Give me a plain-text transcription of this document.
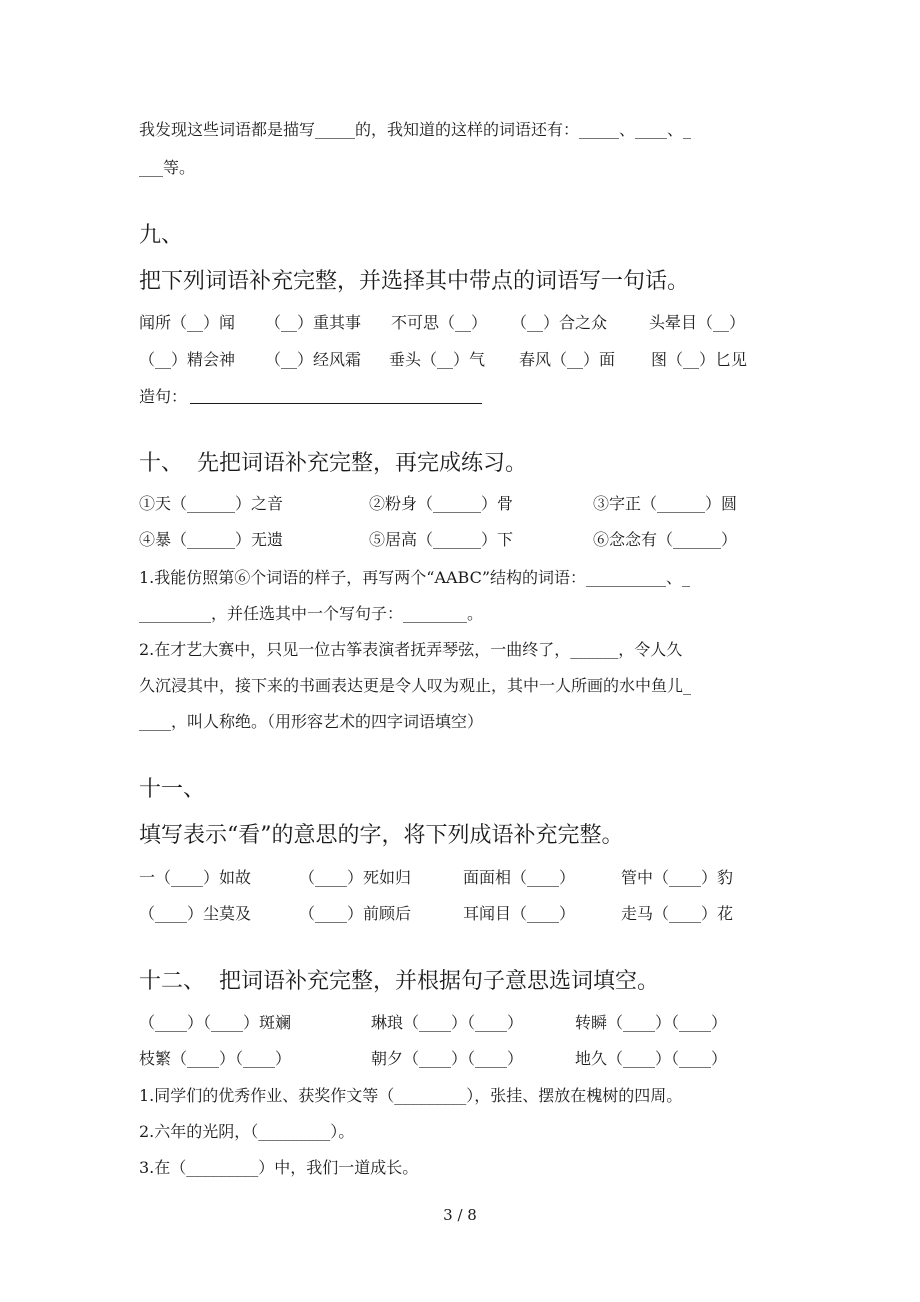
我发现这些词语都是描写_____的，我知道的这样的词语还有：_____、____、_
___等。
九、
把下列词语补充完整，并选择其中带点的词语写一句话。
闻所（__）闻 （__）重其事 不可思（__） （__）合之众	头晕目（__）
（__）精会神 （__）经风霜 垂头（__）气 春风（__）面 图（__）匕见
造句：
十、  先把词语补充完整，再完成练习。
①天（______）之音	②粉身（______）骨	③字正（______）圆
④暴（______）无遗	⑤居高（______）下	⑥念念有（______）
1.我能仿照第⑥个词语的样子，再写两个“AABC”结构的词语：__________、_
_________，并任选其中一个写句子：________。
2.在才艺大赛中，只见一位古筝表演者抚弄琴弦，一曲终了，______，令人久
久沉浸其中，接下来的书画表达更是令人叹为观止，其中一人所画的水中鱼儿_
____，叫人称绝。（用形容艺术的四字词语填空）
十一、
填写表示“看”的意思的字，将下列成语补充完整。
一（____）如故	（____）死如归	面面相（____）	管中（____）豹
（____）尘莫及	（____）前顾后	耳闻目（____）	走马（____）花
十二、  把词语补充完整，并根据句子意思选词填空。
（____）（____）斑斓	琳琅（____）（____）	转瞬（____）（____）
枝繁（____）（____）	朝夕（____）（____）	地久（____）（____）
1.同学们的优秀作业、获奖作文等（_________），张挂、摆放在槐树的四周。
2.六年的光阴，（_________）。
3.在（_________）中，我们一道成长。
3 / 8
